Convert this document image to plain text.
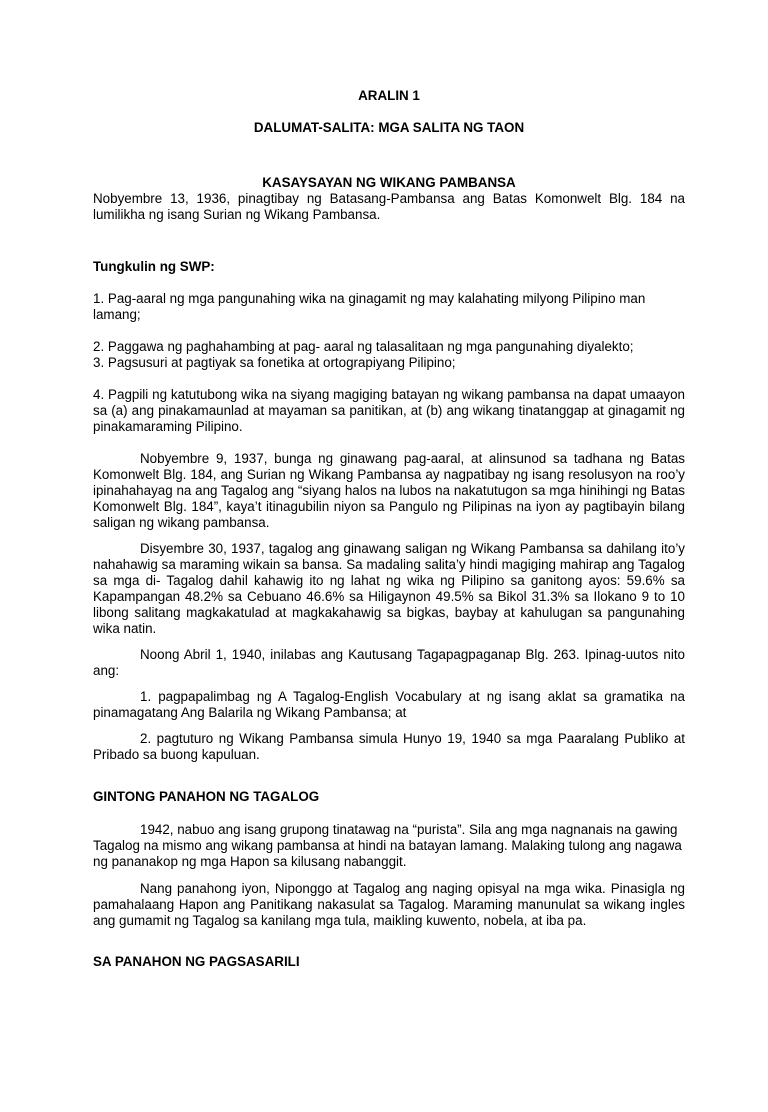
ARALIN 1
DALUMAT-SALITA: MGA SALITA NG TAON
KASAYSAYAN NG WIKANG PAMBANSA

Nobyembre 13, 1936, pinagtibay ng Batasang-Pambansa ang Batas Komonwelt Blg. 184 na lumilikha ng isang Surian ng Wikang Pambansa.

Tungkulin ng SWP:

1. Pag-aaral ng mga pangunahing wika na ginagamit ng may kalahating milyong Pilipino man lamang;

2. Paggawa ng paghahambing at pag- aaral ng talasalitaan ng mga pangunahing diyalekto;

3. Pagsusuri at pagtiyak sa fonetika at ortograpiyang Pilipino;

4. Pagpili ng katutubong wika na siyang magiging batayan ng wikang pambansa na dapat umaayon sa (a) ang pinakamaunlad at mayaman sa panitikan, at (b) ang wikang tinatanggap at ginagamit ng pinakamaraming Pilipino.

Nobyembre 9, 1937, bunga ng ginawang pag-aaral, at alinsunod sa tadhana ng Batas Komonwelt Blg. 184, ang Surian ng Wikang Pambansa ay nagpatibay ng isang resolusyon na roo’y ipinahahayag na ang Tagalog ang “siyang halos na lubos na nakatutugon sa mga hinihingi ng Batas Komonwelt Blg. 184”, kaya’t itinagubilin niyon sa Pangulo ng Pilipinas na iyon ay pagtibayin bilang saligan ng wikang pambansa.

Disyembre 30, 1937, tagalog ang ginawang saligan ng Wikang Pambansa sa dahilang ito’y nahahawig sa maraming wikain sa bansa. Sa madaling salita’y hindi magiging mahirap ang Tagalog sa mga di- Tagalog dahil kahawig ito ng lahat ng wika ng Pilipino sa ganitong ayos: 59.6% sa Kapampangan 48.2% sa Cebuano 46.6% sa Hiligaynon 49.5% sa Bikol 31.3% sa Ilokano 9 to 10 libong salitang magkakatulad at magkakahawig sa bigkas, baybay at kahulugan sa pangunahing wika natin.

Noong Abril 1, 1940, inilabas ang Kautusang Tagapagpaganap Blg. 263. Ipinag-uutos nito ang:

1. pagpapalimbag ng A Tagalog-English Vocabulary at ng isang aklat sa gramatika na pinamagatang Ang Balarila ng Wikang Pambansa; at

2. pagtuturo ng Wikang Pambansa simula Hunyo 19, 1940 sa mga Paaralang Publiko at Pribado sa buong kapuluan.

GINTONG PANAHON NG TAGALOG

1942, nabuo ang isang grupong tinatawag na “purista”. Sila ang mga nagnanais na gawing Tagalog na mismo ang wikang pambansa at hindi na batayan lamang. Malaking tulong ang nagawa ng pananakop ng mga Hapon sa kilusang nabanggit.

Nang panahong iyon, Niponggo at Tagalog ang naging opisyal na mga wika. Pinasigla ng pamahalaang Hapon ang Panitikang nakasulat sa Tagalog. Maraming manunulat sa wikang ingles ang gumamit ng Tagalog sa kanilang mga tula, maikling kuwento, nobela, at iba pa.

SA PANAHON NG PAGSASARILI
